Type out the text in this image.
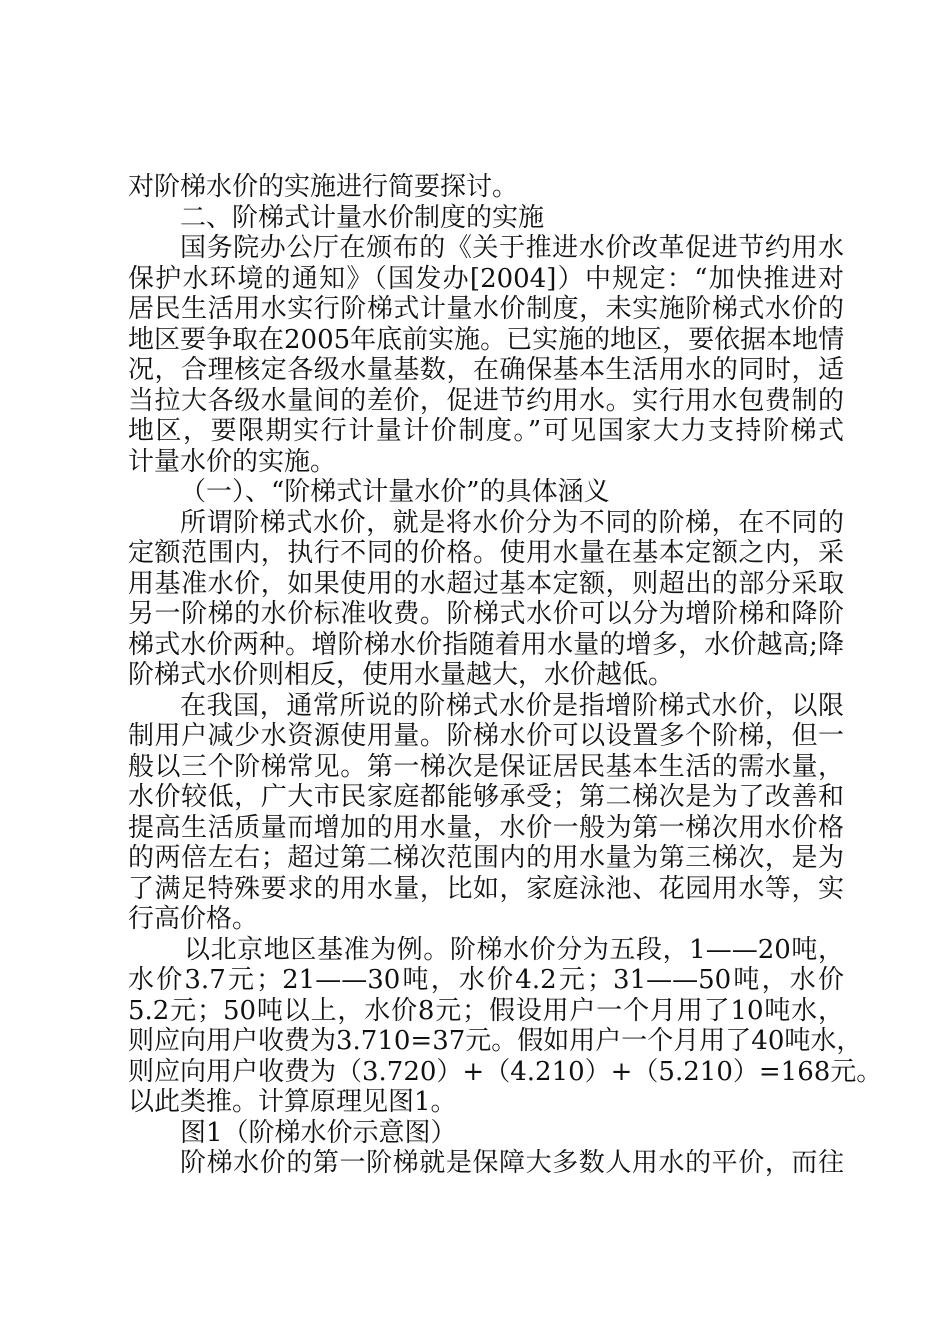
对阶梯水价的实施进行简要探讨。
二、阶梯式计量水价制度的实施
国务院办公厅在颁布的《关于推进水价改革促进节约用水
保护水环境的通知》（国发办[2004]）中规定：“加快推进对
居民生活用水实行阶梯式计量水价制度，未实施阶梯式水价的
地区要争取在2005年底前实施。已实施的地区，要依据本地情
况，合理核定各级水量基数，在确保基本生活用水的同时，适
当拉大各级水量间的差价，促进节约用水。实行用水包费制的
地区，要限期实行计量计价制度。”可见国家大力支持阶梯式
计量水价的实施。
（一）、“阶梯式计量水价”的具体涵义
所谓阶梯式水价，就是将水价分为不同的阶梯，在不同的
定额范围内，执行不同的价格。使用水量在基本定额之内，采
用基准水价，如果使用的水超过基本定额，则超出的部分采取
另一阶梯的水价标准收费。阶梯式水价可以分为增阶梯和降阶
梯式水价两种。增阶梯水价指随着用水量的增多，水价越高;降
阶梯式水价则相反，使用水量越大，水价越低。
在我国，通常所说的阶梯式水价是指增阶梯式水价，以限
制用户减少水资源使用量。阶梯水价可以设置多个阶梯，但一
般以三个阶梯常见。第一梯次是保证居民基本生活的需水量，
水价较低，广大市民家庭都能够承受；第二梯次是为了改善和
提高生活质量而增加的用水量，水价一般为第一梯次用水价格
的两倍左右；超过第二梯次范围内的用水量为第三梯次，是为
了满足特殊要求的用水量，比如，家庭泳池、花园用水等，实
行高价格。
以北京地区基准为例。阶梯水价分为五段，1——20吨，
水价3.7元；21——30吨，水价4.2元；31——50吨，水价
5.2元；50吨以上，水价8元；假设用户一个月用了10吨水，
则应向用户收费为3.710=37元。假如用户一个月用了40吨水，
则应向用户收费为（3.720）+（4.210）+（5.210）=168元。
以此类推。计算原理见图1。
图1（阶梯水价示意图）
阶梯水价的第一阶梯就是保障大多数人用水的平价，而往
